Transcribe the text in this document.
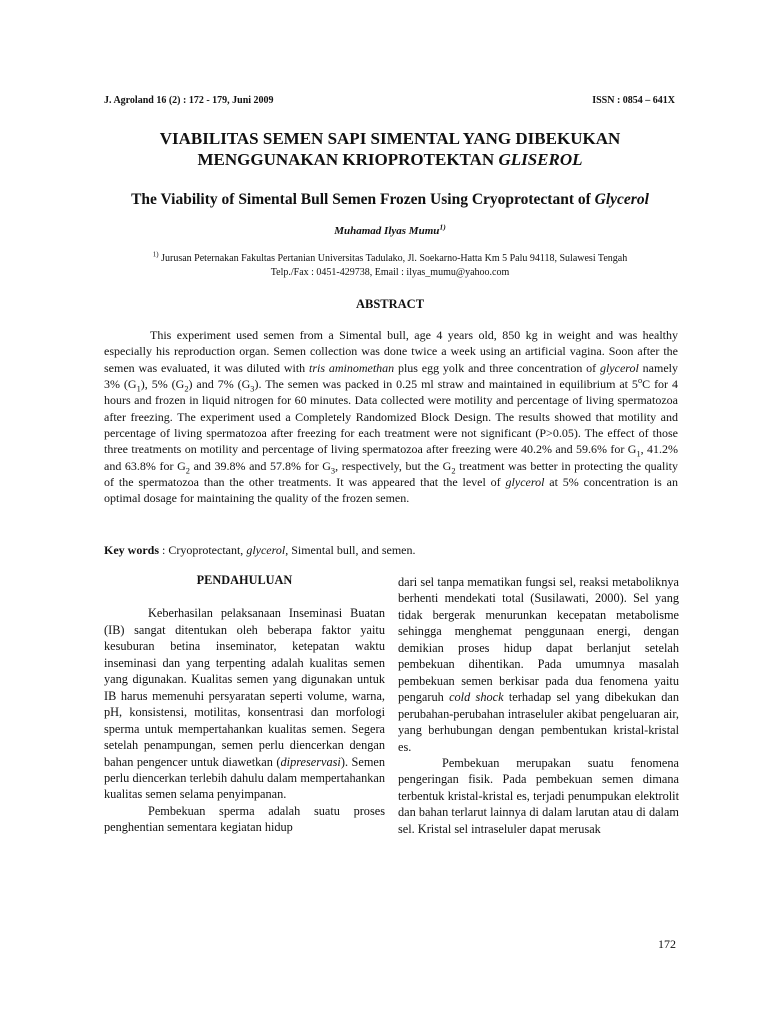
J. Agroland 16 (2) : 172 - 179, Juni 2009	ISSN : 0854 – 641X
VIABILITAS SEMEN SAPI SIMENTAL YANG DIBEKUKAN
MENGGUNAKAN KRIOPROTEKTAN GLISEROL
The Viability of Simental Bull Semen Frozen Using Cryoprotectant of Glycerol
Muhamad Ilyas Mumu$^{1)}$
$^{1)}$ Jurusan Peternakan Fakultas Pertanian Universitas Tadulako, Jl. Soekarno-Hatta Km 5 Palu 94118, Sulawesi Tengah
Telp./Fax : 0451-429738, Email : ilyas_mumu@yahoo.com
ABSTRACT

This experiment used semen from a Simental bull, age 4 years old, 850 kg in weight and was healthy especially his reproduction organ. Semen collection was done twice a week using an artificial vagina. Soon after the semen was evaluated, it was diluted with tris aminomethan plus egg yolk and three concentration of glycerol namely 3% $(G_1)$, 5% $(G_2)$ and 7% $(G_3)$. The semen was packed in 0.25 ml straw and maintained in equilibrium at 5$^o$C for 4 hours and frozen in liquid nitrogen for 60 minutes. Data collected were motility and percentage of living spermatozoa after freezing. The experiment used a Completely Randomized Block Design. The results showed that motility and percentage of living spermatozoa after freezing for each treatment were not significant (P>0.05). The effect of those three treatments on motility and percentage of living spermatozoa after freezing were 40.2% and 59.6% for $G_1$, 41.2% and 63.8% for $G_2$ and 39.8% and 57.8% for $G_3$, respectively, but the $G_2$ treatment was better in protecting the quality of the spermatozoa than the other treatments. It was appeared that the level of glycerol at 5% concentration is an optimal dosage for maintaining the quality of the frozen semen.

Key words : Cryoprotectant, glycerol, Simental bull, and semen.

PENDAHULUAN

Keberhasilan pelaksanaan Inseminasi Buatan (IB) sangat ditentukan oleh beberapa faktor yaitu kesuburan betina inseminator, ketepatan waktu inseminasi dan yang terpenting adalah kualitas semen yang digunakan. Kualitas semen yang digunakan untuk IB harus memenuhi persyaratan seperti volume, warna, pH, konsistensi, motilitas, konsentrasi dan morfologi sperma untuk mempertahankan kualitas semen. Segera setelah penampungan, semen perlu diencerkan dengan bahan pengencer untuk diawetkan (dipreservasi). Semen perlu diencerkan terlebih dahulu dalam mempertahankan kualitas semen selama penyimpanan.

Pembekuan sperma adalah suatu proses penghentian sementara kegiatan hidup

dari sel tanpa mematikan fungsi sel, reaksi metaboliknya berhenti mendekati total (Susilawati, 2000). Sel yang tidak bergerak menurunkan kecepatan metabolisme sehingga menghemat penggunaan energi, dengan demikian proses hidup dapat berlanjut setelah pembekuan dihentikan. Pada umumnya masalah pembekuan semen berkisar pada dua fenomena yaitu pengaruh cold shock terhadap sel yang dibekukan dan perubahan-perubahan intraseluler akibat pengeluaran air, yang berhubungan dengan pembentukan kristal-kristal es.

Pembekuan merupakan suatu fenomena pengeringan fisik. Pada pembekuan semen dimana terbentuk kristal-kristal es, terjadi penumpukan elektrolit dan bahan terlarut lainnya di dalam larutan atau di dalam sel. Kristal sel intraseluler dapat merusak

172
